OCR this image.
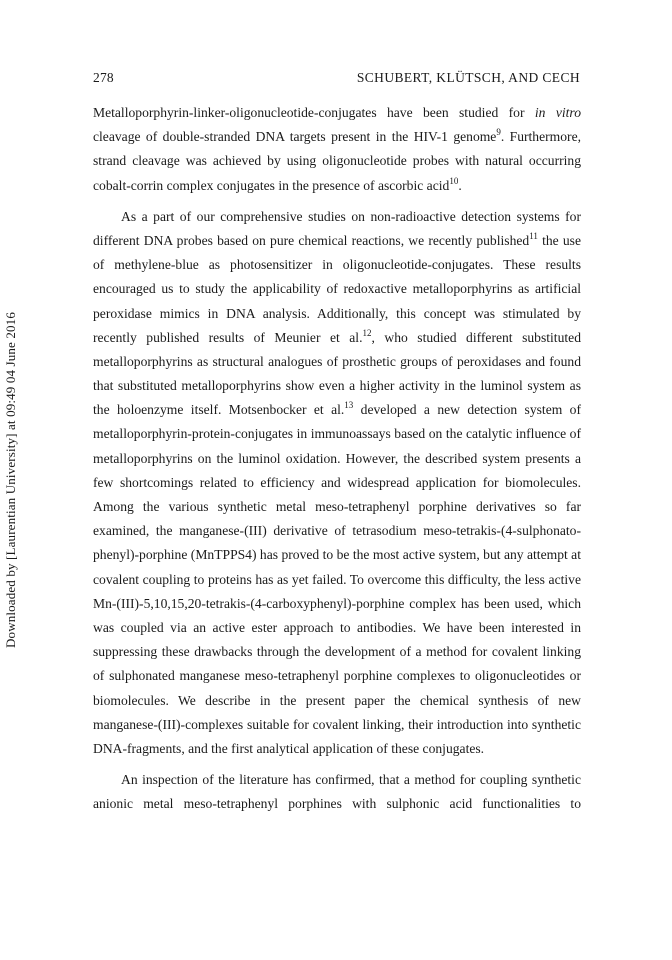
278	SCHUBERT, KLÜTSCH, AND CECH
Downloaded by [Laurentian University] at 09:49 04 June 2016
Metalloporphyrin-linker-oligonucleotide-conjugates have been studied for in vitro
cleavage of double-stranded DNA targets present in the HIV-1 genome$^9$. Furthermore,
strand cleavage was achieved by using oligonucleotide probes with natural occurring
cobalt-corrin complex conjugates in the presence of ascorbic acid$^{10}$.
As a part of our comprehensive studies on non-radioactive detection systems for
different DNA probes based on pure chemical reactions, we recently published$^{11}$ the use
of methylene-blue as photosensitizer in oligonucleotide-conjugates. These results
encouraged us to study the applicability of redoxactive metalloporphyrins as artificial
peroxidase mimics in DNA analysis. Additionally, this concept was stimulated by
recently published results of Meunier et al.$^{12}$, who studied different substituted
metalloporphyrins as structural analogues of prosthetic groups of peroxidases and found
that substituted metalloporphyrins show even a higher activity in the luminol system as
the holoenzyme itself. Motsenbocker et al.$^{13}$ developed a new detection system of
metalloporphyrin-protein-conjugates in immunoassays based on the catalytic influence of
metalloporphyrins on the luminol oxidation. However, the described system presents a
few shortcomings related to efficiency and widespread application for biomolecules.
Among the various synthetic metal meso-tetraphenyl porphine derivatives so far
examined, the manganese-(III) derivative of tetrasodium meso-tetrakis-(4-sulphonato-
phenyl)-porphine (MnTPPS4) has proved to be the most active system, but any attempt at
covalent coupling to proteins has as yet failed. To overcome this difficulty, the less active
Mn-(III)-5,10,15,20-tetrakis-(4-carboxyphenyl)-porphine complex has been used, which
was coupled via an active ester approach to antibodies. We have been interested in
suppressing these drawbacks through the development of a method for covalent linking
of sulphonated manganese meso-tetraphenyl porphine complexes to oligonucleotides or
biomolecules. We describe in the present paper the chemical synthesis of new
manganese-(III)-complexes suitable for covalent linking, their introduction into synthetic
DNA-fragments, and the first analytical application of these conjugates.
An inspection of the literature has confirmed, that a method for coupling synthetic
anionic metal meso-tetraphenyl porphines with sulphonic acid functionalities to
